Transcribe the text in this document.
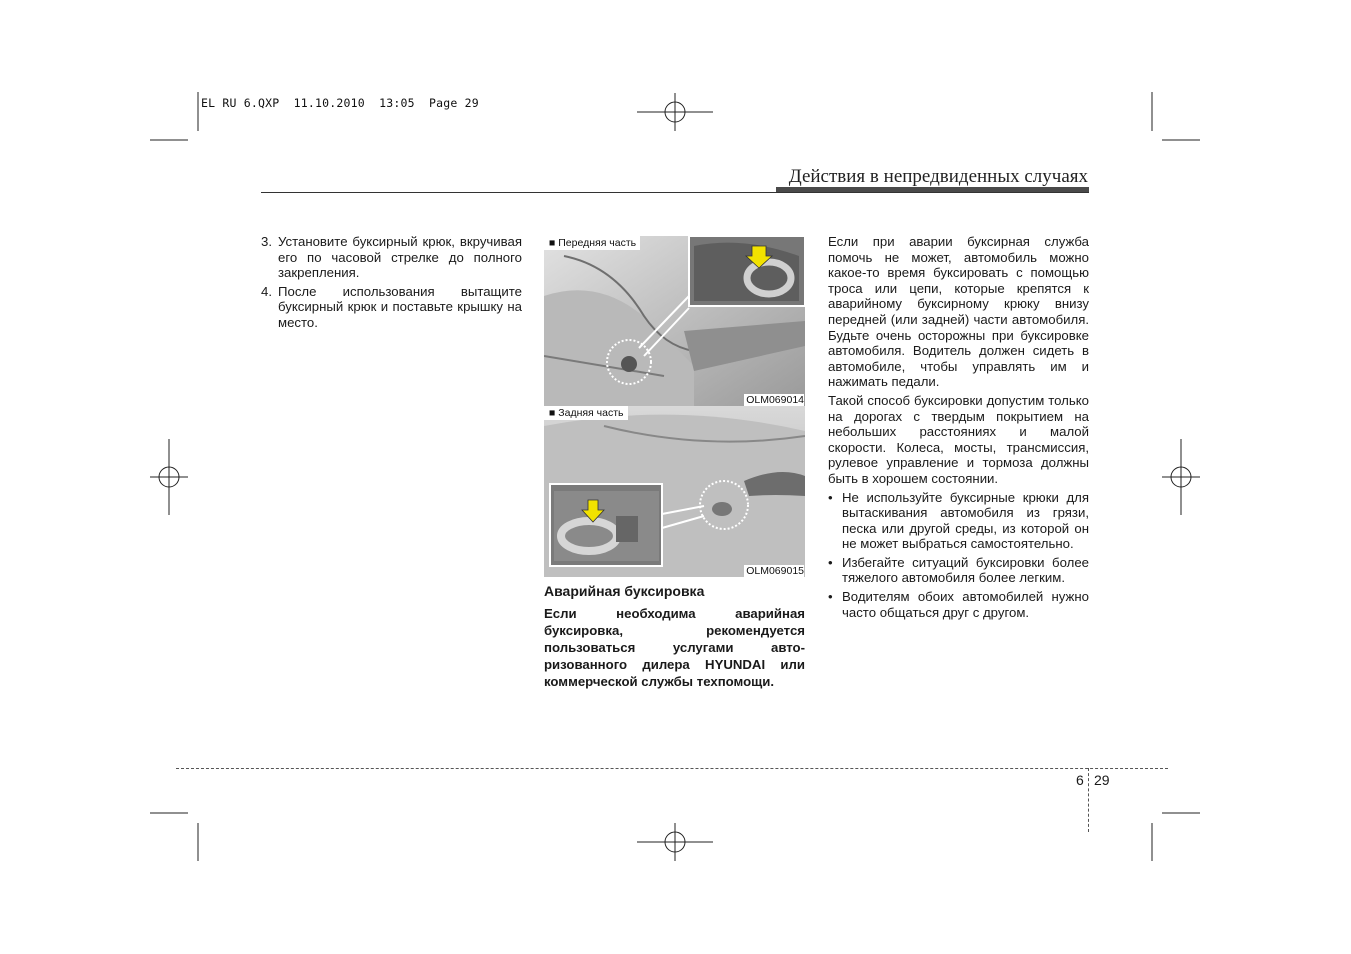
EL RU 6.QXP  11.10.2010  13:05  Page 29
Действия в непредвиденных случаях
3. Установите буксирный крюк, вкручивая его по часовой стрелке до полного закрепления.
4. После использования вытащите буксирный крюк и поставьте крышку на место.
■ Передняя часть
OLM069014
■ Задняя часть
OLM069015
Аварийная буксировка
Если необходима аварийная буксировка, рекомендуется пользоваться услугами авто-ризованного дилера HYUNDAI или коммерческой службы техпомощи.

Если при аварии буксирная служба помочь не может, автомобиль можно какое-то время буксировать с помощью троса или цепи, которые крепятся к аварийному буксирному крюку внизу передней (или задней) части автомобиля. Будьте очень осторожны при буксировке автомобиля. Водитель должен сидеть в автомобиле, чтобы управлять им и нажимать педали.

Такой способ буксировки допустим только на дорогах с твердым покрытием на небольших расстояниях и малой скорости. Колеса, мосты, трансмиссия, рулевое управление и тормоза должны быть в хорошем состоянии.

• Не используйте буксирные крюки для вытаскивания автомобиля из грязи, песка или другой среды, из которой он не может выбраться самостоятельно.
• Избегайте ситуаций буксировки более тяжелого автомобиля более легким.
• Водителям обоих автомобилей нужно часто общаться друг с другом.
6 29
